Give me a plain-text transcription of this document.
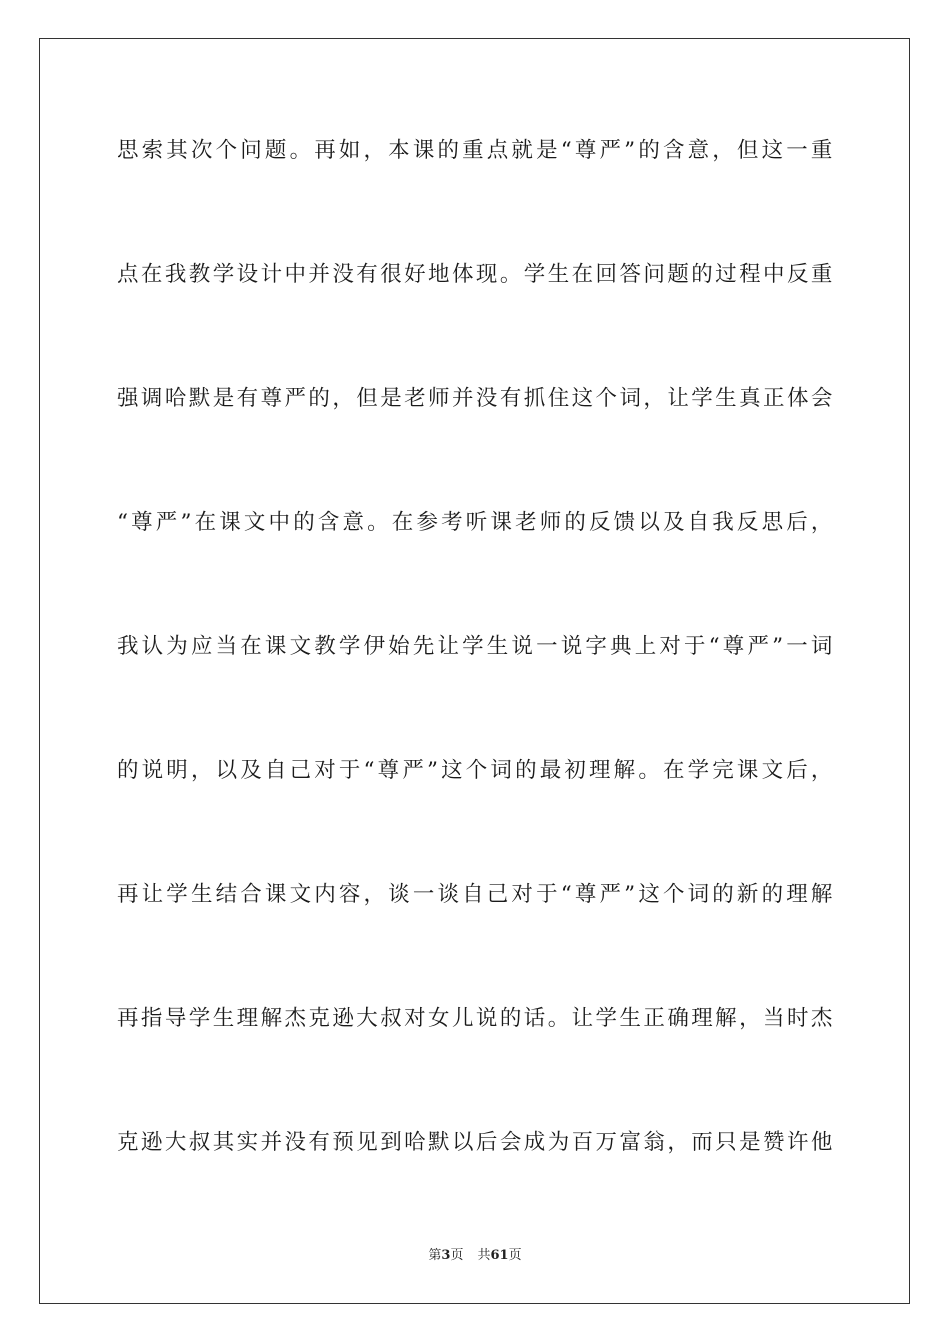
思索其次个问题。再如，本课的重点就是“尊严”的含意，但这一重
点在我教学设计中并没有很好地体现。学生在回答问题的过程中反重
强调哈默是有尊严的，但是老师并没有抓住这个词，让学生真正体会
“尊严”在课文中的含意。在参考听课老师的反馈以及自我反思后，
我认为应当在课文教学伊始先让学生说一说字典上对于“尊严”一词
的说明，以及自己对于“尊严”这个词的最初理解。在学完课文后，
再让学生结合课文内容，谈一谈自己对于“尊严”这个词的新的理解
再指导学生理解杰克逊大叔对女儿说的话。让学生正确理解，当时杰
克逊大叔其实并没有预见到哈默以后会成为百万富翁，而只是赞许他
第3页 共61页
